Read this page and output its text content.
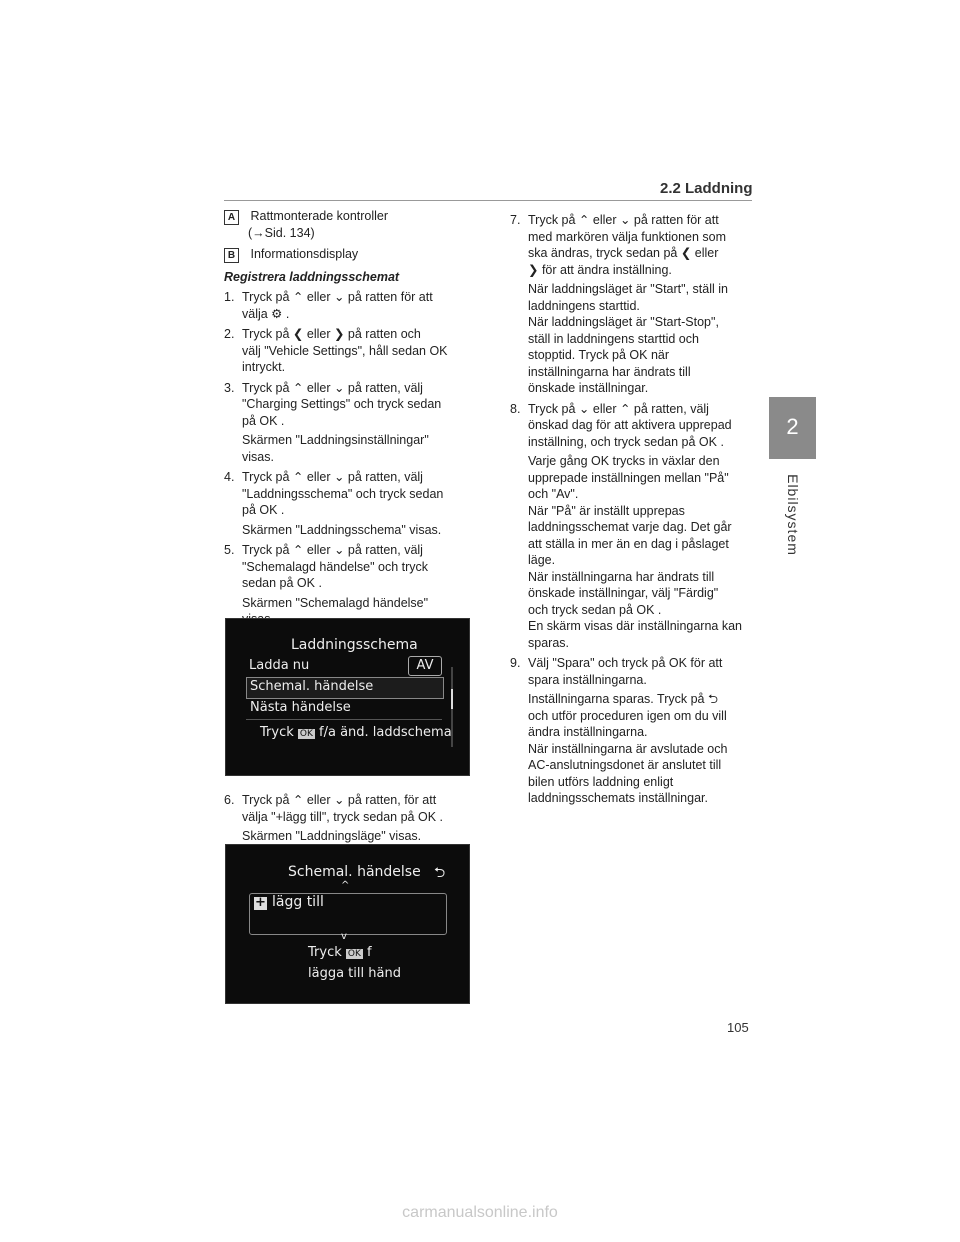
2.2 Laddning
2
Elbilsystem
A Rattmonterade kontroller
(→Sid. 134)
B Informationsdisplay
Registrera laddningsschemat
1. Tryck på ⌃ eller ⌄ på ratten för att
välja ⚙ .
2. Tryck på ❮ eller ❯ på ratten och
välj "Vehicle Settings", håll sedan OK
intryckt.
3. Tryck på ⌃ eller ⌄ på ratten, välj
"Charging Settings" och tryck sedan
på OK .
Skärmen "Laddningsinställningar"
visas.
4. Tryck på ⌃ eller ⌄ på ratten, välj
"Laddningsschema" och tryck sedan
på OK .
Skärmen "Laddningsschema" visas.
5. Tryck på ⌃ eller ⌄ på ratten, välj
"Schemalagd händelse" och tryck
sedan på OK .
Skärmen "Schemalagd händelse"
Laddningsschema
Ladda nu	AV
Schemal. händelse
Nästa händelse
Tryck OK f/a änd. laddschema
6. Tryck på ⌃ eller ⌄ på ratten, för att
välja "+lägg till", tryck sedan på OK .
Skärmen "Laddningsläge" visas.
Schemal. händelse ⮌
^
+ lägg till
v
Tryck OK f
lägga till händ
7. Tryck på ⌃ eller ⌄ på ratten för att
med markören välja funktionen som
ska ändras, tryck sedan på ❮ eller
❯ för att ändra inställning.
När laddningsläget är "Start", ställ in
laddningens starttid.
När laddningsläget är "Start-Stop",
ställ in laddningens starttid och
stopptid. Tryck på OK när
inställningarna har ändrats till
önskade inställningar.
8. Tryck på ⌄ eller ⌃ på ratten, välj
önskad dag för att aktivera upprepad
inställning, och tryck sedan på OK .
Varje gång OK trycks in växlar den
upprepade inställningen mellan "På"
och "Av".
När "På" är inställt upprepas
laddningsschemat varje dag. Det går
att ställa in mer än en dag i påslaget
läge.
När inställningarna har ändrats till
önskade inställningar, välj "Färdig"
och tryck sedan på OK .
En skärm visas där inställningarna kan
sparas.
9. Välj "Spara" och tryck på OK för att
spara inställningarna.
Inställningarna sparas. Tryck på ⮌
och utför proceduren igen om du vill
ändra inställningarna.
När inställningarna är avslutade och
AC-anslutningsdonet är anslutet till
bilen utförs laddning enligt
laddningsschemats inställningar.
105
carmanualsonline.info
